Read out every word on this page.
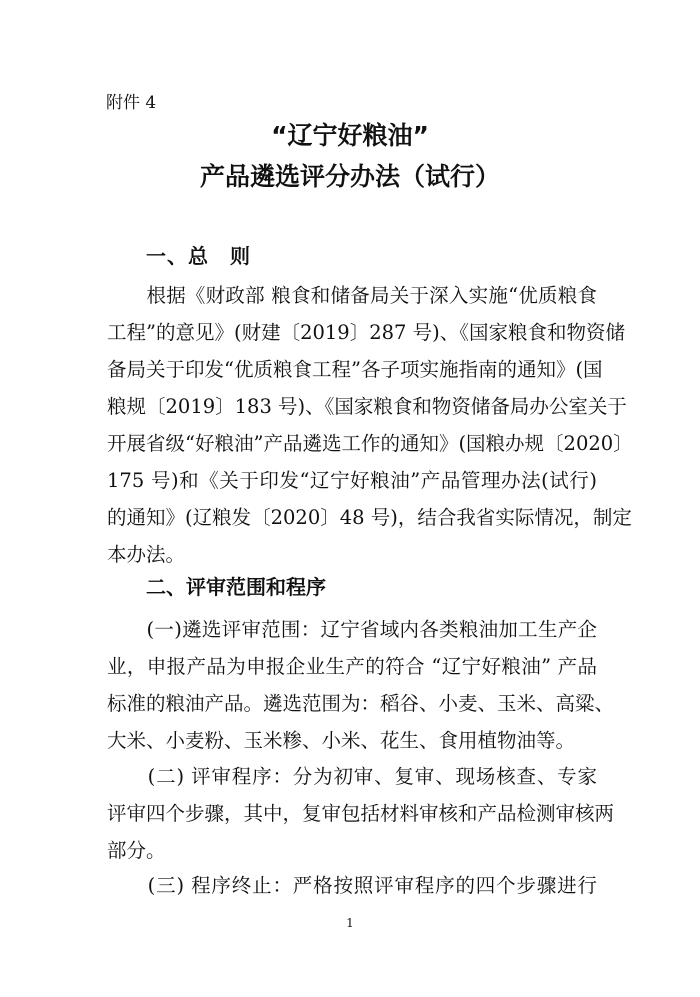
附件 4
“辽宁好粮油”
产品遴选评分办法（试行）
一、总　则
　　根据《财政部 粮食和储备局关于深入实施“优质粮食
工程”的意见》(财建〔2019〕287 号)、《国家粮食和物资储
备局关于印发“优质粮食工程”各子项实施指南的通知》(国
粮规〔2019〕183 号)、《国家粮食和物资储备局办公室关于
开展省级“好粮油”产品遴选工作的通知》(国粮办规〔2020〕
175 号)和《关于印发“辽宁好粮油”产品管理办法(试行)
的通知》(辽粮发〔2020〕48 号)，结合我省实际情况，制定
本办法。
二、评审范围和程序
　　(一)遴选评审范围：辽宁省域内各类粮油加工生产企
业，申报产品为申报企业生产的符合 “辽宁好粮油” 产品
标准的粮油产品。遴选范围为：稻谷、小麦、玉米、高粱、
大米、小麦粉、玉米糁、小米、花生、食用植物油等。
　　(二) 评审程序：分为初审、复审、现场核查、专家
评审四个步骤，其中，复审包括材料审核和产品检测审核两
部分。
　　(三) 程序终止：严格按照评审程序的四个步骤进行
1
